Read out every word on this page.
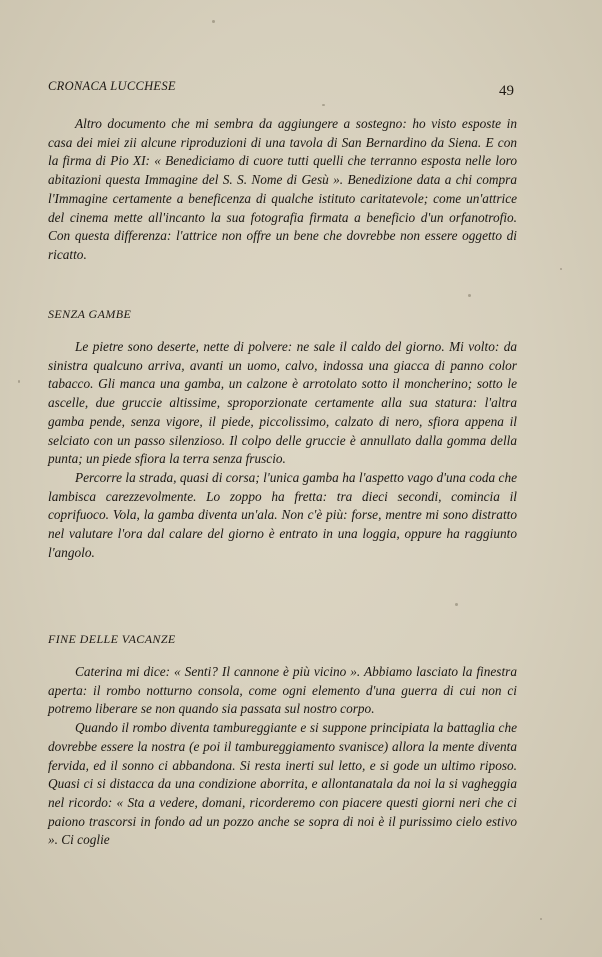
CRONACA LUCCHESE	49

Altro documento che mi sembra da aggiungere a sostegno: ho visto esposte in casa dei miei zii alcune riproduzioni di una tavola di San Bernardino da Siena. E con la firma di Pio XI: « Benediciamo di cuore tutti quelli che terranno esposta nelle loro abitazioni questa Immagine del S. S. Nome di Gesù ». Benedizione data a chi compra l'Immagine certamente a beneficenza di qualche istituto caritatevole; come un'attrice del cinema mette all'incanto la sua fotografia firmata a beneficio d'un orfanotrofio. Con questa differenza: l'attrice non offre un bene che dovrebbe non essere oggetto di ricatto.

SENZA GAMBE

Le pietre sono deserte, nette di polvere: ne sale il caldo del giorno. Mi volto: da sinistra qualcuno arriva, avanti un uomo, calvo, indossa una giacca di panno color tabacco. Gli manca una gamba, un calzone è arrotolato sotto il moncherino; sotto le ascelle, due gruccie altissime, sproporzionate certamente alla sua statura: l'altra gamba pende, senza vigore, il piede, piccolissimo, calzato di nero, sfiora appena il selciato con un passo silenzioso. Il colpo delle gruccie è annullato dalla gomma della punta; un piede sfiora la terra senza fruscio.

Percorre la strada, quasi di corsa; l'unica gamba ha l'aspetto vago d'una coda che lambisca carezzevolmente. Lo zoppo ha fretta: tra dieci secondi, comincia il coprifuoco. Vola, la gamba diventa un'ala. Non c'è più: forse, mentre mi sono distratto nel valutare l'ora dal calare del giorno è entrato in una loggia, oppure ha raggiunto l'angolo.

FINE DELLE VACANZE

Caterina mi dice: « Senti? Il cannone è più vicino ». Abbiamo lasciato la finestra aperta: il rombo notturno consola, come ogni elemento d'una guerra di cui non ci potremo liberare se non quando sia passata sul nostro corpo.

Quando il rombo diventa tambureggiante e si suppone principiata la battaglia che dovrebbe essere la nostra (e poi il tambureggiamento svanisce) allora la mente diventa fervida, ed il sonno ci abbandona. Si resta inerti sul letto, e si gode un ultimo riposo. Quasi ci si distacca da una condizione aborrita, e allontanatala da noi la si vagheggia nel ricordo: « Sta a vedere, domani, ricorderemo con piacere questi giorni neri che ci paiono trascorsi in fondo ad un pozzo anche se sopra di noi è il purissimo cielo estivo ». Ci coglie
